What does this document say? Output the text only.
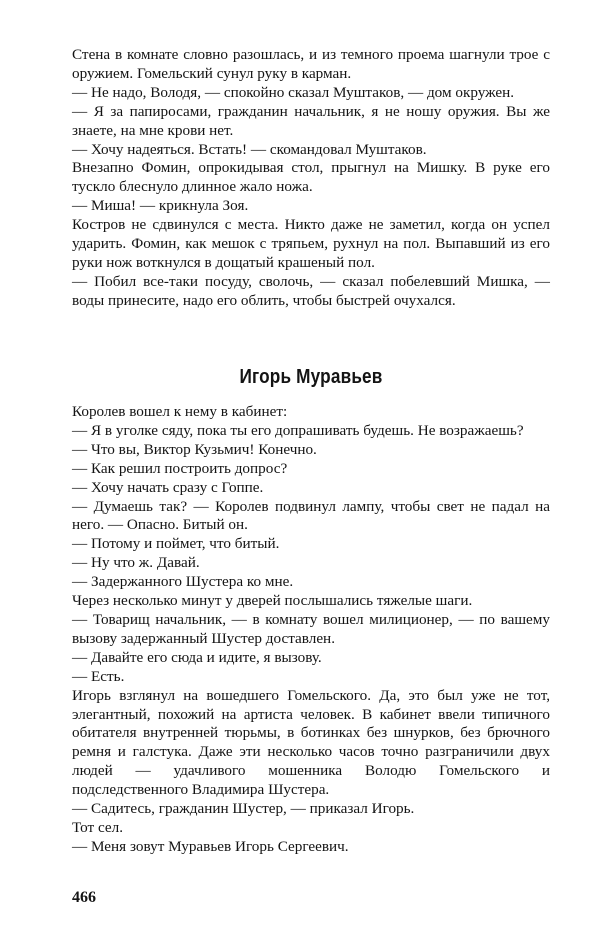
Стена в комнате словно разошлась, и из темного проема шагнули трое с оружием. Гомельский сунул руку в карман.

— Не надо, Володя, — спокойно сказал Муштаков, — дом окружен.

— Я за папиросами, гражданин начальник, я не ношу оружия. Вы же знаете, на мне крови нет.

— Хочу надеяться. Встать! — скомандовал Муштаков.

Внезапно Фомин, опрокидывая стол, прыгнул на Мишку. В руке его тускло блеснуло длинное жало ножа.

— Миша! — крикнула Зоя.

Костров не сдвинулся с места. Никто даже не заметил, когда он успел ударить. Фомин, как мешок с тряпьем, рухнул на пол. Выпавший из его руки нож воткнулся в дощатый крашеный пол.

— Побил все-таки посуду, сволочь, — сказал побелевший Мишка, — воды принесите, надо его облить, чтобы быстрей очухался.

Игорь Муравьев

Королев вошел к нему в кабинет:

— Я в уголке сяду, пока ты его допрашивать будешь. Не возражаешь?

— Что вы, Виктор Кузьмич! Конечно.

— Как решил построить допрос?

— Хочу начать сразу с Гоппе.

— Думаешь так? — Королев подвинул лампу, чтобы свет не падал на него. — Опасно. Битый он.

— Потому и поймет, что битый.

— Ну что ж. Давай.

— Задержанного Шустера ко мне.

Через несколько минут у дверей послышались тяжелые шаги.

— Товарищ начальник, — в комнату вошел милиционер, — по вашему вызову задержанный Шустер доставлен.

— Давайте его сюда и идите, я вызову.

— Есть.

Игорь взглянул на вошедшего Гомельского. Да, это был уже не тот, элегантный, похожий на артиста человек. В кабинет ввели типичного обитателя внутренней тюрьмы, в ботинках без шнурков, без брючного ремня и галстука. Даже эти несколько часов точно разграничили двух людей — удачливого мошенника Володю Гомельского и подследственного Владимира Шустера.

— Садитесь, гражданин Шустер, — приказал Игорь.

Тот сел.

— Меня зовут Муравьев Игорь Сергеевич.

466
